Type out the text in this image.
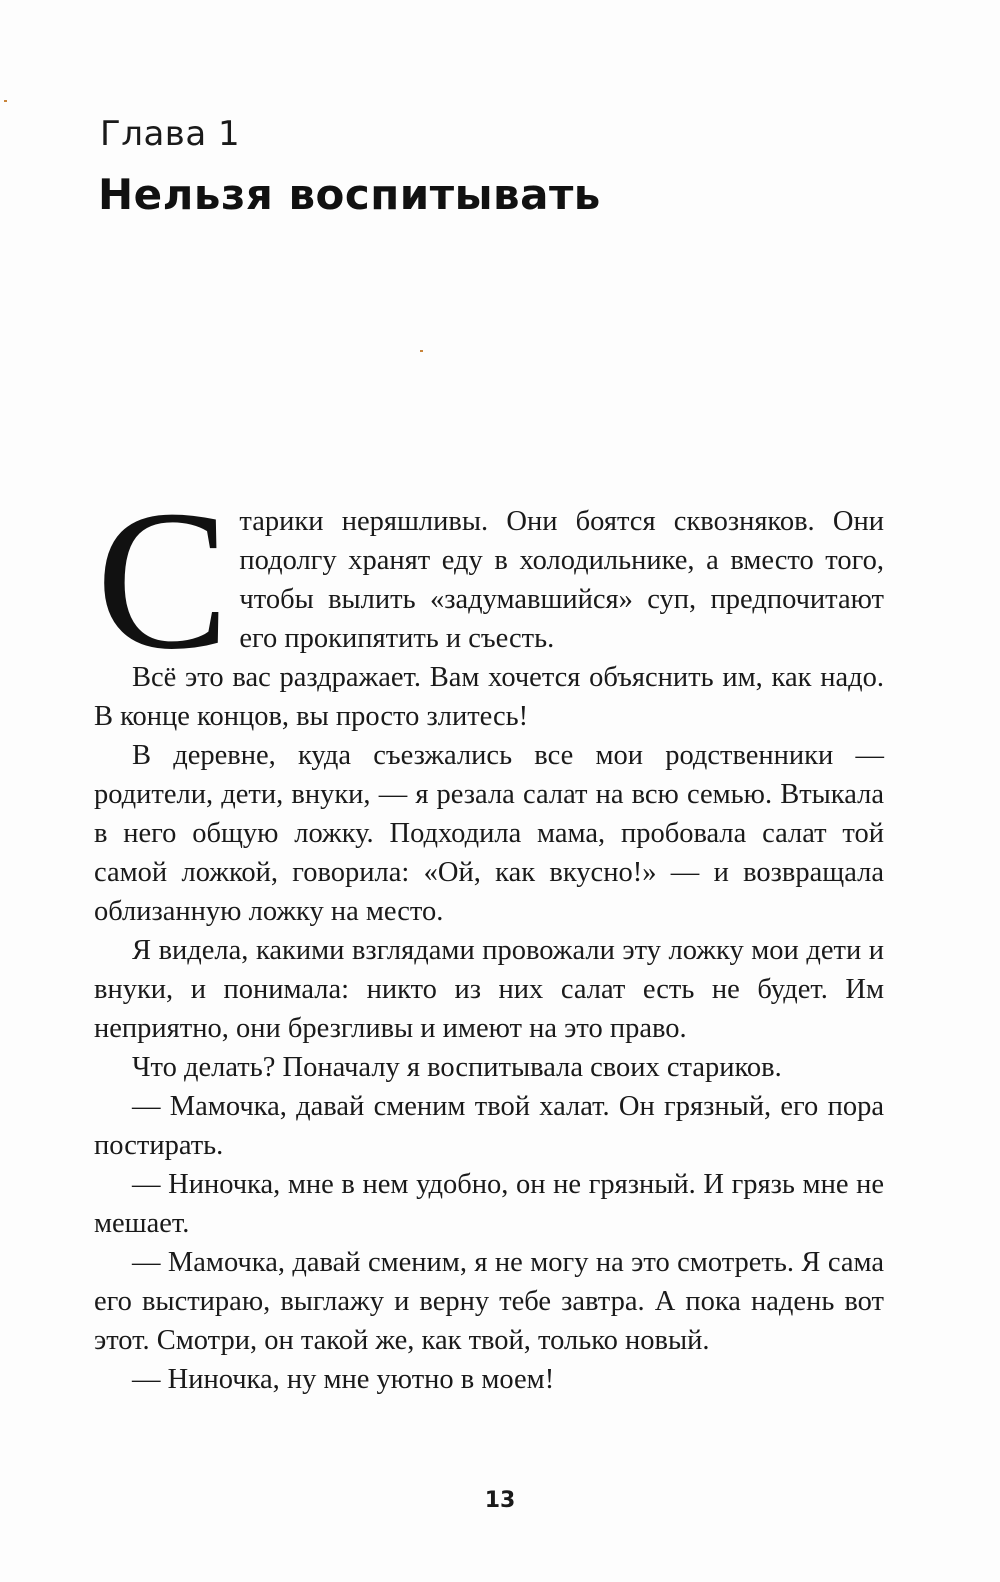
Глава 1
Нельзя воспитывать

Старики неряшливы. Они боятся сквозняков. Они подолгу хранят еду в холодильнике, а вместо того, чтобы вылить «задумавшийся» суп, предпочитают его прокипятить и съесть.

Всё это вас раздражает. Вам хочется объяснить им, как надо. В конце концов, вы просто злитесь!

В деревне, куда съезжались все мои родственники — родители, дети, внуки, — я резала салат на всю семью. Втыкала в него общую ложку. Подходила мама, пробовала салат той самой ложкой, говорила: «Ой, как вкусно!» — и возвращала облизанную ложку на место.

Я видела, какими взглядами провожали эту ложку мои дети и внуки, и понимала: никто из них салат есть не будет. Им неприятно, они брезгливы и имеют на это право.

Что делать? Поначалу я воспитывала своих стариков.

— Мамочка, давай сменим твой халат. Он грязный, его пора постирать.

— Ниночка, мне в нем удобно, он не грязный. И грязь мне не мешает.

— Мамочка, давай сменим, я не могу на это смотреть. Я сама его выстираю, выглажу и верну тебе завтра. А пока надень вот этот. Смотри, он такой же, как твой, только новый.

— Ниночка, ну мне уютно в моем!

13
